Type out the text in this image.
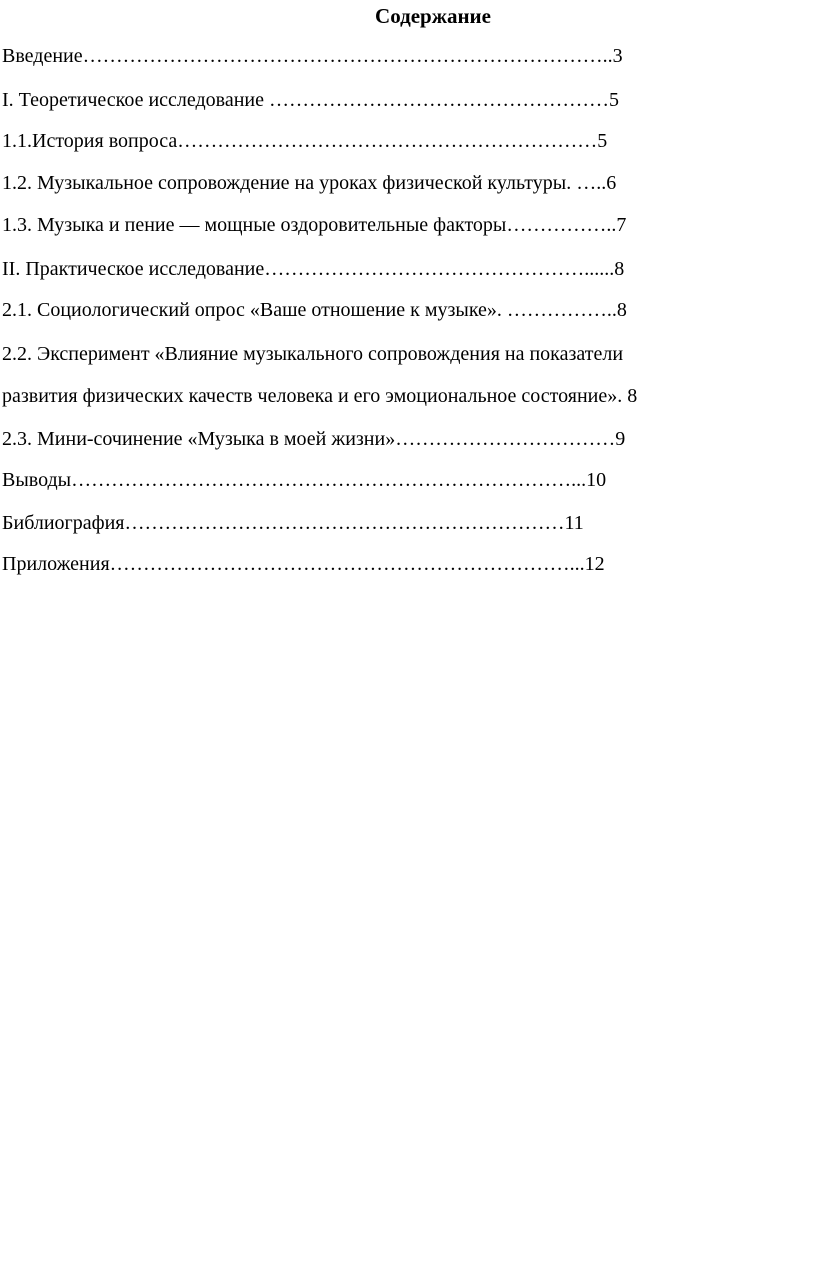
Содержание
Введение……………………………………………………………………..3
I. Теоретическое исследование ……………………………………………5
1.1.История вопроса………………………………………………………5
1.2. Музыкальное сопровождение на уроках физической культуры. …..6
1.3. Музыка и пение — мощные оздоровительные факторы……………..7
II. Практическое исследование…………………………………………......8
2.1. Социологический опрос «Ваше отношение к музыке». ……………..8
2.2. Эксперимент «Влияние музыкального сопровождения на показатели
развития физических качеств человека и его эмоциональное состояние». 8
2.3. Мини-сочинение «Музыка в моей жизни»……………………………9
Выводы…………………………………………………………………...10
Библиография…………………………………………………………11
Приложения……………………………………………………………...12
